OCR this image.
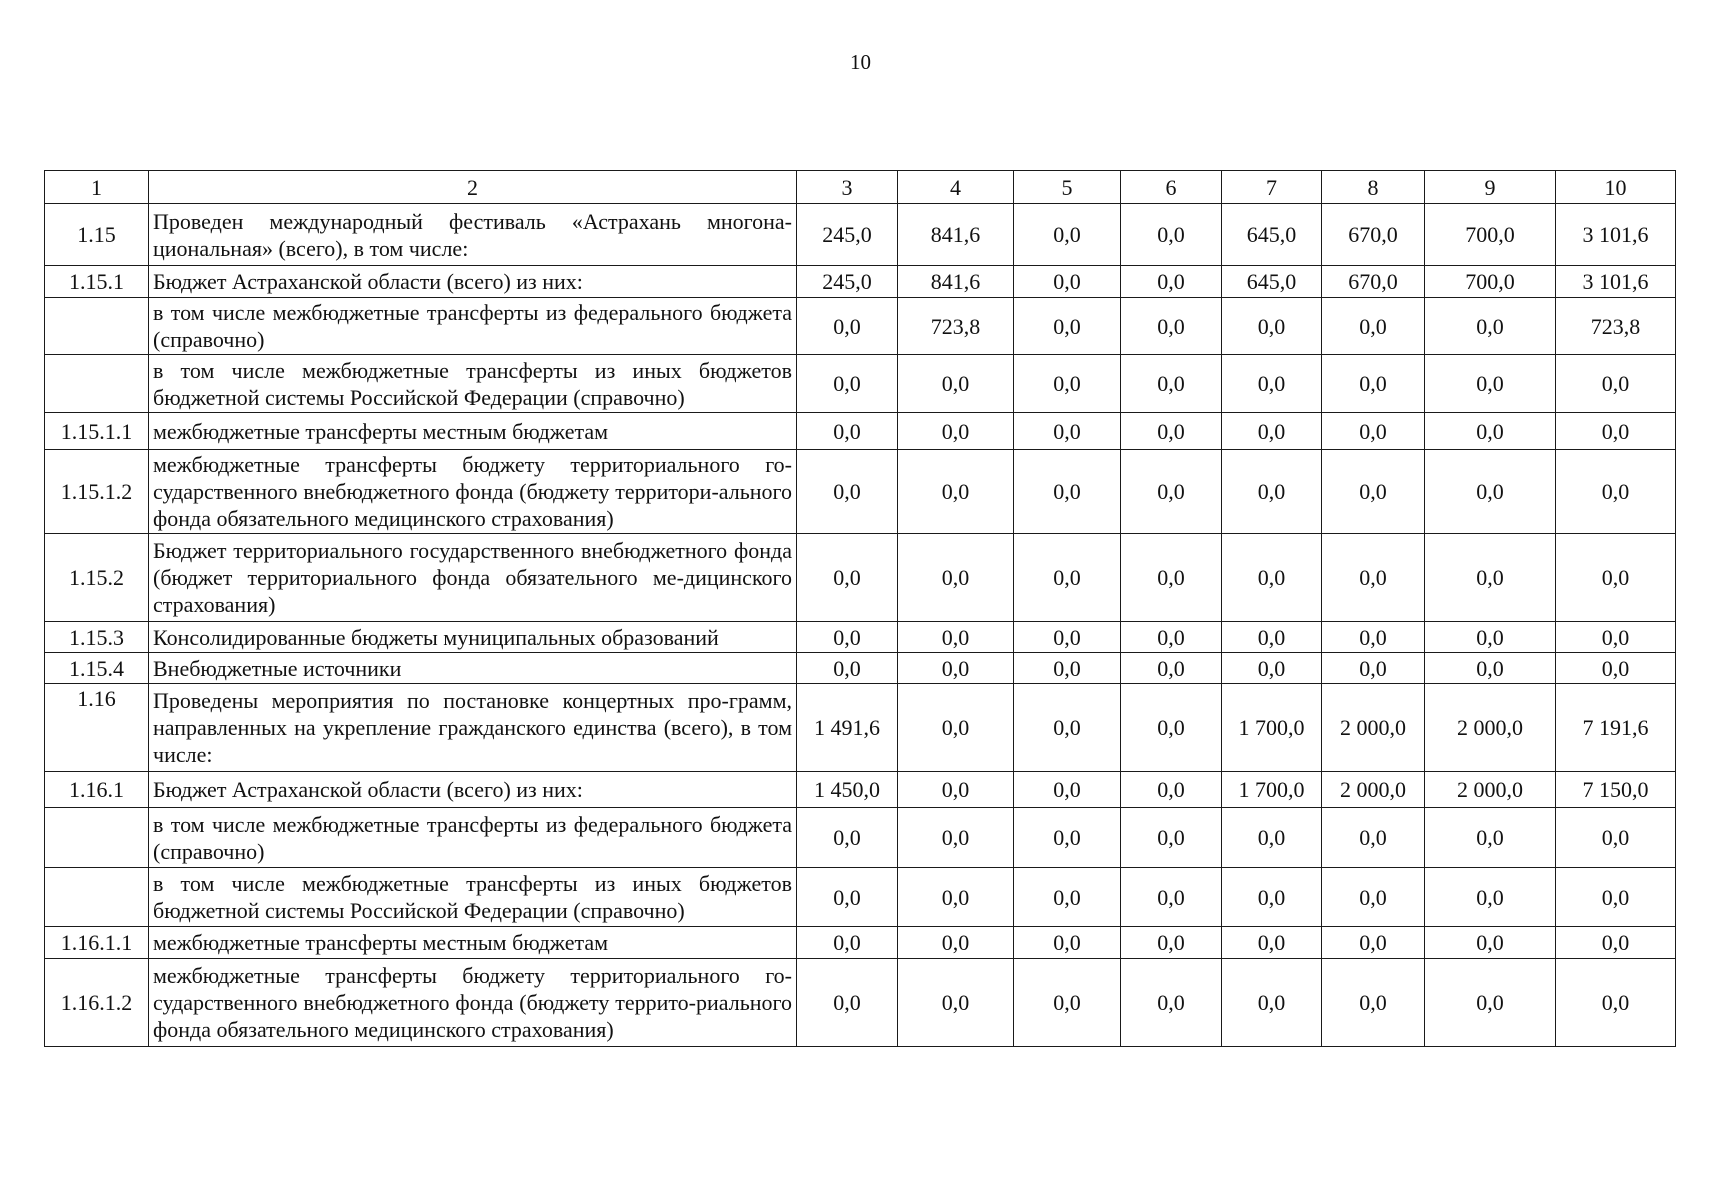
10
1	2	3	4	5	6	7	8	9	10
1.15	Проведен международный фестиваль «Астрахань многона-циональная» (всего), в том числе:	245,0	841,6	0,0	0,0	645,0	670,0	700,0	3 101,6
1.15.1	Бюджет Астраханской области (всего) из них:	245,0	841,6	0,0	0,0	645,0	670,0	700,0	3 101,6
	в том числе межбюджетные трансферты из федерального бюджета (справочно)	0,0	723,8	0,0	0,0	0,0	0,0	0,0	723,8
	в том числе межбюджетные трансферты из иных бюджетов бюджетной системы Российской Федерации (справочно)	0,0	0,0	0,0	0,0	0,0	0,0	0,0	0,0
1.15.1.1	межбюджетные трансферты местным бюджетам	0,0	0,0	0,0	0,0	0,0	0,0	0,0	0,0
1.15.1.2	межбюджетные трансферты бюджету территориального го-сударственного внебюджетного фонда (бюджету территори-ального фонда обязательного медицинского страхования)	0,0	0,0	0,0	0,0	0,0	0,0	0,0	0,0
1.15.2	Бюджет территориального государственного внебюджетного фонда (бюджет территориального фонда обязательного ме-дицинского страхования)	0,0	0,0	0,0	0,0	0,0	0,0	0,0	0,0
1.15.3	Консолидированные бюджеты муниципальных образований	0,0	0,0	0,0	0,0	0,0	0,0	0,0	0,0
1.15.4	Внебюджетные источники	0,0	0,0	0,0	0,0	0,0	0,0	0,0	0,0
1.16	Проведены мероприятия по постановке концертных про-грамм, направленных на укрепление гражданского единства (всего), в том числе:	1 491,6	0,0	0,0	0,0	1 700,0	2 000,0	2 000,0	7 191,6
1.16.1	Бюджет Астраханской области (всего) из них:	1 450,0	0,0	0,0	0,0	1 700,0	2 000,0	2 000,0	7 150,0
	в том числе межбюджетные трансферты из федерального бюджета (справочно)	0,0	0,0	0,0	0,0	0,0	0,0	0,0	0,0
	в том числе межбюджетные трансферты из иных бюджетов бюджетной системы Российской Федерации (справочно)	0,0	0,0	0,0	0,0	0,0	0,0	0,0	0,0
1.16.1.1	межбюджетные трансферты местным бюджетам	0,0	0,0	0,0	0,0	0,0	0,0	0,0	0,0
1.16.1.2	межбюджетные трансферты бюджету территориального го-сударственного внебюджетного фонда (бюджету террито-риального фонда обязательного медицинского страхования)	0,0	0,0	0,0	0,0	0,0	0,0	0,0	0,0
